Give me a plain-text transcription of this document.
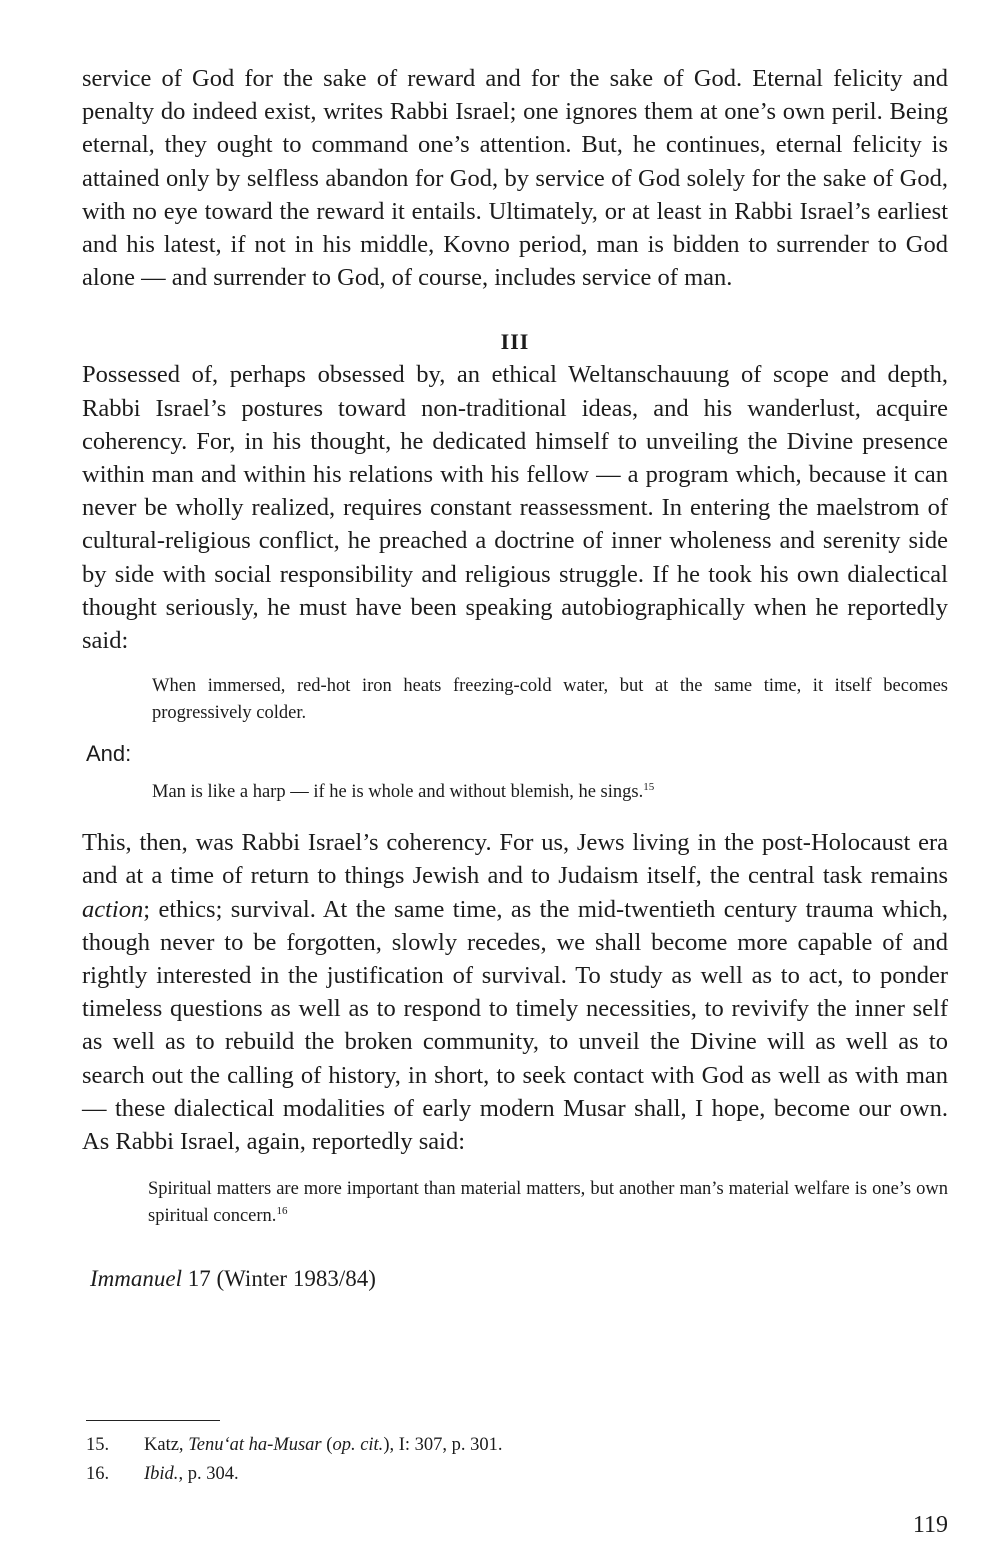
service of God for the sake of reward and for the sake of God. Eternal felicity and penalty do indeed exist, writes Rabbi Israel; one ignores them at one’s own peril. Being eternal, they ought to command one’s attention. But, he continues, eternal felicity is attained only by selfless abandon for God, by service of God solely for the sake of God, with no eye toward the reward it entails. Ultimately, or at least in Rabbi Israel’s earliest and his latest, if not in his middle, Kovno period, man is bidden to surrender to God alone — and surrender to God, of course, includes service of man.

III

Possessed of, perhaps obsessed by, an ethical Weltanschauung of scope and depth, Rabbi Israel’s postures toward non-traditional ideas, and his wanderlust, acquire coherency. For, in his thought, he dedicated himself to unveiling the Divine presence within man and within his relations with his fellow — a program which, because it can never be wholly realized, requires constant reassessment. In entering the maelstrom of cultural-religious conflict, he preached a doctrine of inner wholeness and serenity side by side with social responsibility and religious struggle. If he took his own dialectical thought seriously, he must have been speaking autobiographically when he reportedly said:

When immersed, red-hot iron heats freezing-cold water, but at the same time, it itself becomes progressively colder.

And:

Man is like a harp — if he is whole and without blemish, he sings.$^{15}$

This, then, was Rabbi Israel’s coherency. For us, Jews living in the post-Holocaust era and at a time of return to things Jewish and to Judaism itself, the central task remains action; ethics; survival. At the same time, as the mid-twentieth century trauma which, though never to be forgotten, slowly recedes, we shall become more capable of and rightly interested in the justification of survival. To study as well as to act, to ponder timeless questions as well as to respond to timely necessities, to revivify the inner self as well as to rebuild the broken community, to unveil the Divine will as well as to search out the calling of history, in short, to seek contact with God as well as with man — these dialectical modalities of early modern Musar shall, I hope, become our own. As Rabbi Israel, again, reportedly said:

Spiritual matters are more important than material matters, but another man’s material welfare is one’s own spiritual concern.$^{16}$

Immanuel 17 (Winter 1983/84)
15.	Katz, Tenu‘at ha-Musar (op. cit.), I: 307, p. 301.
16.	Ibid., p. 304.
119
